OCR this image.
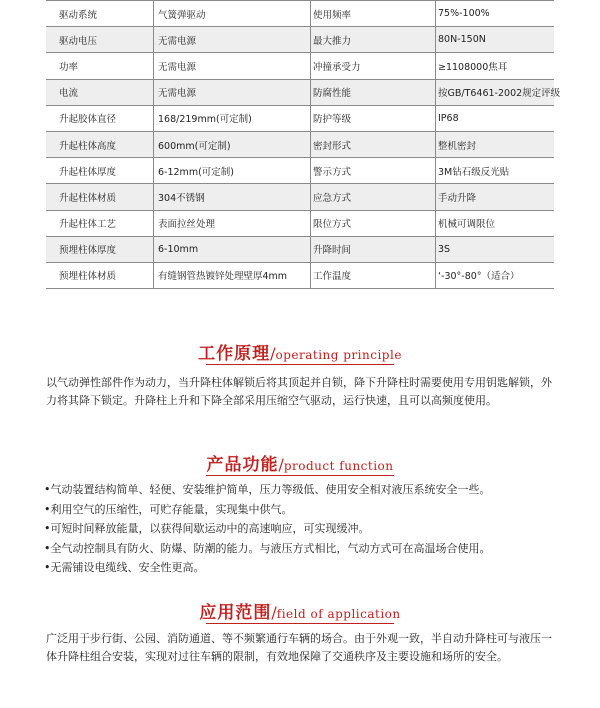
驱动系统	气簧弹驱动	使用频率	75%-100%
驱动电压	无需电源	最大推力	80N-150N
功率	无需电源	冲撞承受力	≥1108000焦耳
电流	无需电源	防腐性能	按GB/T6461-2002规定评级
升起胶体直径	168/219mm(可定制)	防护等级	IP68
升起柱体高度	600mm(可定制)	密封形式	整机密封
升起柱体厚度	6-12mm(可定制)	警示方式	3M钻石级反光贴
升起柱体材质	304不锈钢	应急方式	手动升降
升起柱体工艺	表面拉丝处理	限位方式	机械可调限位
预埋柱体厚度	6-10mm	升降时间	3S
预埋柱体材质	有缝钢管热镀锌处理壁厚4mm	工作温度	‘-30°-80°（适合）
工作原理/operating principle

以气动弹性部件作为动力，当升降柱体解锁后将其顶起并自锁，降下升降柱时需要使用专用钥匙解锁，外力将其降下锁定。升降柱上升和下降全部采用压缩空气驱动，运行快速，且可以高频度使用。

产品功能/product function
•气动装置结构简单、轻便、安装维护简单，压力等级低、使用安全相对液压系统安全一些。
•利用空气的压缩性，可贮存能量，实现集中供气。
•可短时间释放能量，以获得间歇运动中的高速响应，可实现缓冲。
•全气动控制具有防火、防爆、防潮的能力。与液压方式相比，气动方式可在高温场合使用。
•无需铺设电缆线、安全性更高。
应用范围/field of application

广泛用于步行街、公园、消防通道、等不频繁通行车辆的场合。由于外观一致，半自动升降柱可与液压一体升降柱组合安装，实现对过往车辆的限制，有效地保障了交通秩序及主要设施和场所的安全。
